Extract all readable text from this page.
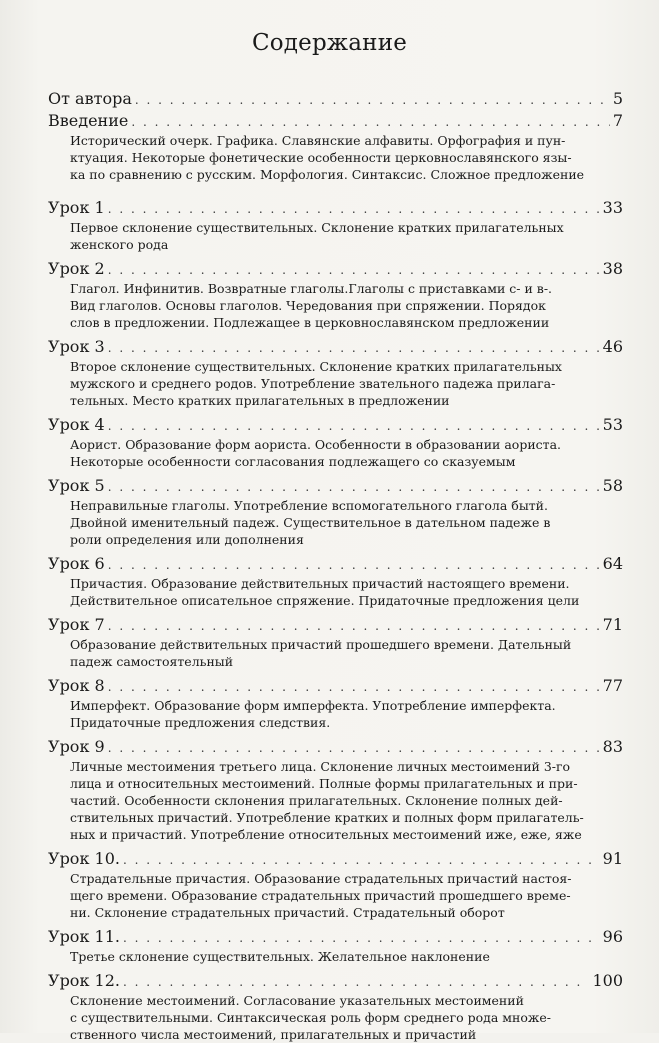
Содержание
От автора . . .	5
Введение . . .	7
Исторический очерк. Графика. Славянские алфавиты. Орфография и пун-
ктуация. Некоторые фонетические особенности церковнославянского язы-
ка по сравнению с русским. Морфология. Синтаксис. Сложное предложение
Урок 1 . . .	33
Первое склонение существительных. Склонение кратких прилагательных
женского рода
Урок 2 . . .	38
Глагол. Инфинитив. Возвратные глаголы.Глаголы с приставками с- и в-.
Вид глаголов. Основы глаголов. Чередования при спряжении. Порядок
слов в предложении. Подлежащее в церковнославянском предложении
Урок 3 . . .	46
Второе склонение существительных. Склонение кратких прилагательных
мужского и среднего родов. Употребление звательного падежа прилага-
тельных. Место кратких прилагательных в предложении
Урок 4 . . .	53
Аорист. Образование форм аориста. Особенности в образовании аориста.
Некоторые особенности согласования подлежащего со сказуемым
Урок 5 . . .	58
Неправильные глаголы. Употребление вспомогательного глагола бытй.
Двойной именительный падеж. Существительное в дательном падеже в
роли определения или дополнения
Урок 6 . . .	64
Причастия. Образование действительных причастий настоящего времени.
Действительное описательное спряжение. Придаточные предложения цели
Урок 7 . . .	71
Образование действительных причастий прошедшего времени. Дательный
падеж самостоятельный
Урок 8 . . .	77
Имперфект. Образование форм имперфекта. Употребление имперфекта.
Придаточные предложения следствия.
Урок 9 . . .	83
Личные местоимения третьего лица. Склонение личных местоимений 3-го
лица и относительных местоимений. Полные формы прилагательных и при-
частий. Особенности склонения прилагательных. Склонение полных дей-
ствительных причастий. Употребление кратких и полных форм прилагатель-
ных и причастий. Употребление относительных местоимений иже, еже, яже
Урок 10. . . .	91
Страдательные причастия. Образование страдательных причастий настоя-
щего времени. Образование страдательных причастий прошедшего време-
ни. Склонение страдательных причастий. Страдательный оборот
Урок 11. . . .	96
Третье склонение существительных. Желательное наклонение
Урок 12. . . .	100
Склонение местоимений. Согласование указательных местоимений
с существительными. Синтаксическая роль форм среднего рода множе-
ственного числа местоимений, прилагательных и причастий
